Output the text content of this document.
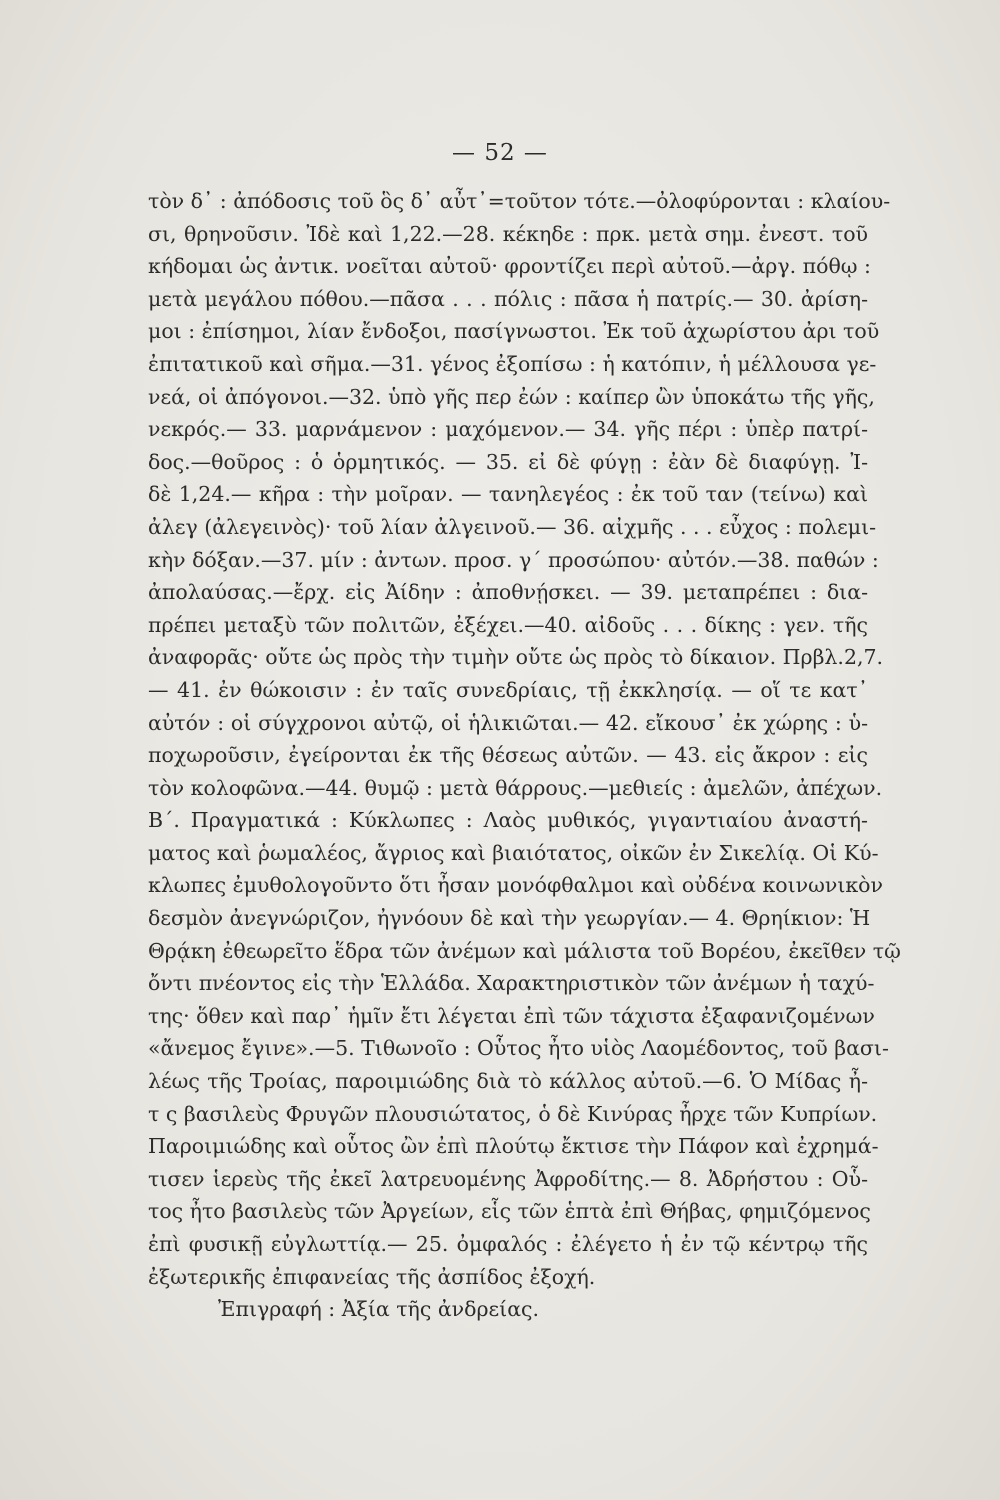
— 52 —
τὸν δ᾽ : ἀπόδοσις τοῦ ὃς δ᾽ αὖτ᾽=τοῦτον τότε.—ὀλοφύρονται : κλαίου-
σι, θρηνοῦσιν. Ἰδὲ καὶ 1,22.—28. κέκηδε : πρκ. μετὰ σημ. ἐνεστ. τοῦ
κήδομαι ὡς ἀντικ. νοεῖται αὐτοῦ· φροντίζει περὶ αὐτοῦ.—ἀργ. πόθῳ :
μετὰ μεγάλου πόθου.—πᾶσα . . . πόλις : πᾶσα ἡ πατρίς.— 30. ἀρίση-
μοι : ἐπίσημοι, λίαν ἔνδοξοι, πασίγνωστοι. Ἐκ τοῦ ἀχωρίστου ἀρι τοῦ
ἐπιτατικοῦ καὶ σῆμα.—31. γένος ἐξοπίσω : ἡ κατόπιν, ἡ μέλλουσα γε-
νεά, οἱ ἀπόγονοι.—32. ὑπὸ γῆς περ ἐών : καίπερ ὢν ὑποκάτω τῆς γῆς,
νεκρός.— 33. μαρνάμενον : μαχόμενον.— 34. γῆς πέρι : ὑπὲρ πατρί-
δος.—θοῦρος : ὁ ὁρμητικός. — 35. εἰ δὲ φύγῃ : ἐὰν δὲ διαφύγῃ. Ἰ-
δὲ 1,24.— κῆρα : τὴν μοῖραν. — τανηλεγέος : ἐκ τοῦ ταν (τείνω) καὶ
ἀλεγ (ἀλεγεινὸς)· τοῦ λίαν ἀλγεινοῦ.— 36. αἰχμῆς . . . εὖχος : πολεμι-
κὴν δόξαν.—37. μίν : ἀντων. προσ. γ΄ προσώπου· αὐτόν.—38. παθών :
ἀπολαύσας.—ἔρχ. εἰς Ἀίδην : ἀποθνῄσκει. — 39. μεταπρέπει : δια-
πρέπει μεταξὺ τῶν πολιτῶν, ἐξέχει.—40. αἰδοῦς . . . δίκης : γεν. τῆς
ἀναφορᾶς· οὔτε ὡς πρὸς τὴν τιμὴν οὔτε ὡς πρὸς τὸ δίκαιον. Πρβλ.2,7.
— 41. ἐν θώκοισιν : ἐν ταῖς συνεδρίαις, τῇ ἐκκλησίᾳ. — οἵ τε κατ᾽
αὐτόν : οἱ σύγχρονοι αὐτῷ, οἱ ἡλικιῶται.— 42. εἴκουσ᾽ ἐκ χώρης : ὑ-
ποχωροῦσιν, ἐγείρονται ἐκ τῆς θέσεως αὐτῶν. — 43. εἰς ἄκρον : εἰς
τὸν κολοφῶνα.—44. θυμῷ : μετὰ θάρρους.—μεθιείς : ἀμελῶν, ἀπέχων.
Β΄. Πραγματικά : Κύκλωπες : Λαὸς μυθικός, γιγαντιαίου ἀναστή-
ματος καὶ ῥωμαλέος, ἄγριος καὶ βιαιότατος, οἰκῶν ἐν Σικελίᾳ. Οἱ Κύ-
κλωπες ἐμυθολογοῦντο ὅτι ἦσαν μονόφθαλμοι καὶ οὐδένα κοινωνικὸν
δεσμὸν ἀνεγνώριζον, ἠγνόουν δὲ καὶ τὴν γεωργίαν.— 4. Θρηίκιον: Ἡ
Θρᾴκη ἐθεωρεῖτο ἕδρα τῶν ἀνέμων καὶ μάλιστα τοῦ Βορέου, ἐκεῖθεν τῷ
ὄντι πνέοντος εἰς τὴν Ἑλλάδα. Χαρακτηριστικὸν τῶν ἀνέμων ἡ ταχύ-
της· ὅθεν καὶ παρ᾽ ἡμῖν ἔτι λέγεται ἐπὶ τῶν τάχιστα ἐξαφανιζομένων
«ἄνεμος ἔγινε».—5. Τιθωνοῖο : Οὗτος ἦτο υἱὸς Λαομέδοντος, τοῦ βασι-
λέως τῆς Τροίας, παροιμιώδης διὰ τὸ κάλλος αὐτοῦ.—6. Ὁ Μίδας ἦ-
τ ς βασιλεὺς Φρυγῶν πλουσιώτατος, ὁ δὲ Κινύρας ἦρχε τῶν Κυπρίων.
Παροιμιώδης καὶ οὗτος ὢν ἐπὶ πλούτῳ ἔκτισε τὴν Πάφον καὶ ἐχρημά-
τισεν ἱερεὺς τῆς ἐκεῖ λατρευομένης Ἀφροδίτης.— 8. Ἀδρήστου : Οὗ-
τος ἦτο βασιλεὺς τῶν Ἀργείων, εἷς τῶν ἑπτὰ ἐπὶ Θήβας, φημιζόμενος
ἐπὶ φυσικῇ εὐγλωττίᾳ.— 25. ὀμφαλός : ἐλέγετο ἡ ἐν τῷ κέντρῳ τῆς
ἐξωτερικῆς ἐπιφανείας τῆς ἀσπίδος ἐξοχή.
Ἐπιγραφή : Ἀξία τῆς ἀνδρείας.
